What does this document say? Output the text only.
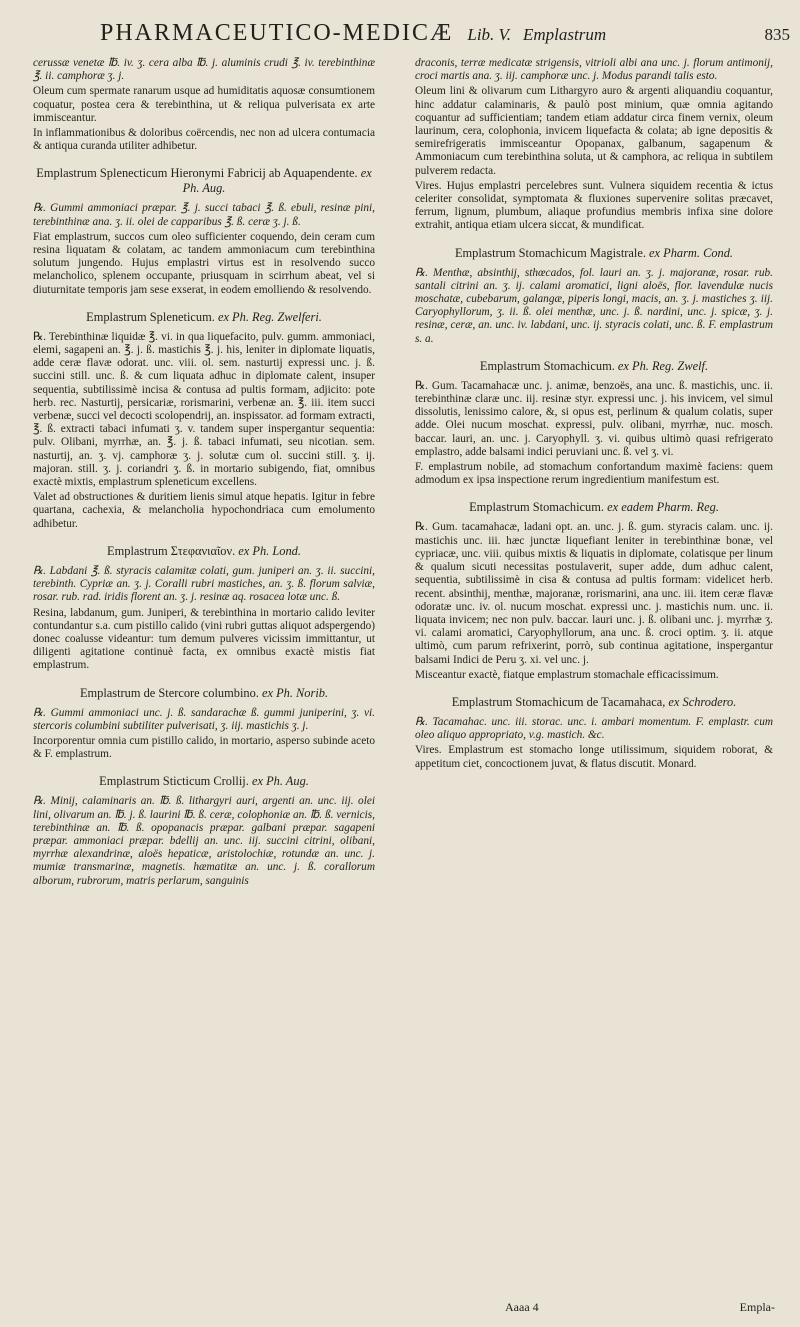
PHARMACEUTICO-MEDICÆ Lib. V. Emplastrum	835

cerussæ venetæ ℔. iv. ʒ. cera alba ℔. j. aluminis crudi ℥. iv. terebinthinæ ℥. ii. camphoræ ʒ. j.

Oleum cum spermate ranarum usque ad humiditatis aquosæ consumtionem coquatur, postea cera & terebinthina, ut & reliqua pulverisata ex arte immisceantur.

In inflammationibus & doloribus coërcendis, nec non ad ulcera contumacia & antiqua curanda utiliter adhibetur.

Emplastrum Splenecticum Hieronymi Fabricij ab Aquapendente. ex Ph. Aug.

℞. Gummi ammoniaci præpar. ℥. j. succi tabaci ℥. ß. ebuli, resinæ pini, terebinthinæ ana. ʒ. ii. olei de capparibus ℥. ß. ceræ ʒ. j. ß.

Fiat emplastrum, succos cum oleo sufficienter coquendo, dein ceram cum resina liquatam & colatam, ac tandem ammoniacum cum terebinthina solutum jungendo. Hujus emplastri virtus est in resolvendo succo melancholico, splenem occupante, priusquam in scirrhum abeat, vel si diuturnitate temporis jam sese exserat, in eodem emolliendo & resolvendo.

Emplastrum Spleneticum. ex Ph. Reg. Zwelferi.

℞. Terebinthinæ liquidæ ℥. vi. in qua liquefacito, pulv. gumm. ammoniaci, elemi, sagapeni an. ℥. j. ß. mastichis ℥. j. his, leniter in diplomate liquatis, adde ceræ flavæ odorat. unc. viii. ol. sem. nasturtij expressi unc. j. ß. succini still. unc. ß. & cum liquata adhuc in diplomate calent, insuper sequentia, subtilissimè incisa & contusa ad pultis formam, adjicito: pote herb. rec. Nasturtij, persicariæ, rorismarini, verbenæ an. ℥. iii. item succi verbenæ, succi vel decocti scolopendrij, an. inspissator. ad formam extracti, ℥. ß. extracti tabaci infumati ʒ. v. tandem super inspergantur sequentia: pulv. Olibani, myrrhæ, an. ℥. j. ß. tabaci infumati, seu nicotian. sem. nasturtij, an. ʒ. vj. camphoræ ʒ. j. solutæ cum ol. succini still. ʒ. ij. majoran. still. ʒ. j. coriandri ʒ. ß. in mortario subigendo, fiat, omnibus exactè mixtis, emplastrum spleneticum excellens.

Valet ad obstructiones & duritiem lienis simul atque hepatis. Igitur in febre quartana, cachexia, & melancholia hypochondriaca cum emolumento adhibetur.

Emplastrum Στεφανιαῖον. ex Ph. Lond.

℞. Labdani ℥. ß. styracis calamitæ colati, gum. juniperi an. ʒ. ii. succini, terebinth. Cypriæ an. ʒ. j. Coralli rubri mastiches, an. ʒ. ß. florum salviæ, rosar. rub. rad. iridis florent an. ʒ. j. resinæ aq. rosacea lotæ unc. ß.

Resina, labdanum, gum. Juniperi, & terebinthina in mortario calido leviter contundantur s.a. cum pistillo calido (vini rubri guttas aliquot adspergendo) donec coalusse videantur: tum demum pulveres vicissim immittantur, ut diligenti agitatione continuè facta, ex omnibus exactè mistis fiat emplastrum.

Emplastrum de Stercore columbino. ex Ph. Norib.

℞. Gummi ammoniaci unc. j. ß. sandarachæ ß. gummi juniperini, ʒ. vi. stercoris columbini subtiliter pulverisati, ʒ. iij. mastichis ʒ. j.

Incorporentur omnia cum pistillo calido, in mortario, asperso subinde aceto & F. emplastrum.

Emplastrum Sticticum Crollij. ex Ph. Aug.

℞. Minij, calaminaris an. ℔. ß. lithargyri auri, argenti an. unc. iij. olei lini, olivarum an. ℔. j. ß. laurini ℔. ß. ceræ, colophoniæ an. ℔. ß. vernicis, terebinthinæ an. ℔. ß. opopanacis præpar. galbani præpar. sagapeni præpar. ammoniaci præpar. bdellij an. unc. iij. succini citrini, olibani, myrrhæ alexandrinæ, aloës hepaticæ, aristolochiæ, rotundæ an. unc. j. mumiæ transmarinæ, magnetis. hæmatitæ an. unc. j. ß. corallorum alborum, rubrorum, matris perlarum, sanguinis

draconis, terræ medicatæ strigensis, vitrioli albi ana unc. j. florum antimonij, croci martis ana. ʒ. iij. camphoræ unc. j. Modus parandi talis esto.

Oleum lini & olivarum cum Lithargyro auro & argenti aliquandiu coquantur, hinc addatur calaminaris, & paulò post minium, quæ omnia agitando coquantur ad sufficientiam; tandem etiam addatur circa finem vernix, oleum laurinum, cera, colophonia, invicem liquefacta & colata; ab igne depositis & semirefrigeratis immisceantur Opopanax, galbanum, sagapenum & Ammoniacum cum terebinthina soluta, ut & camphora, ac reliqua in subtilem pulverem redacta.

Vires. Hujus emplastri percelebres sunt. Vulnera siquidem recentia & ictus celeriter consolidat, symptomata & fluxiones supervenire solitas præcavet, ferrum, lignum, plumbum, aliaque profundius membris infixa sine dolore extrahit, antiqua etiam ulcera siccat, & mundificat.

Emplastrum Stomachicum Magistrale. ex Pharm. Cond.

℞. Menthæ, absinthij, sthœcados, fol. lauri an. ʒ. j. majoranæ, rosar. rub. santali citrini an. ʒ. ij. calami aromatici, ligni aloës, flor. lavendulæ nucis moschatæ, cubebarum, galangæ, piperis longi, macis, an. ʒ. j. mastiches ʒ. iij. Caryophyllorum, ʒ. ii. ß. olei menthæ, unc. j. ß. nardini, unc. j. spicæ, ʒ. j. resinæ, ceræ, an. unc. iv. labdani, unc. ij. styracis colati, unc. ß. F. emplastrum s. a.

Emplastrum Stomachicum. ex Ph. Reg. Zwelf.

℞. Gum. Tacamahacæ unc. j. animæ, benzoës, ana unc. ß. mastichis, unc. ii. terebinthinæ claræ unc. iij. resinæ styr. expressi unc. j. his invicem, vel simul dissolutis, lenissimo calore, &, si opus est, perlinum & qualum colatis, super adde. Olei nucum moschat. expressi, pulv. olibani, myrrhæ, nuc. mosch. baccar. lauri, an. unc. j. Caryophyll. ʒ. vi. quibus ultimò quasi refrigerato emplastro, adde balsami indici peruviani unc. ß. vel ʒ. vi.

F. emplastrum nobile, ad stomachum confortandum maximè faciens: quem admodum ex ipsa inspectione rerum ingredientium manifestum est.

Emplastrum Stomachicum. ex eadem Pharm. Reg.

℞. Gum. tacamahacæ, ladani opt. an. unc. j. ß. gum. styracis calam. unc. ij. mastichis unc. iii. hæc junctæ liquefiant leniter in terebinthinæ bonæ, vel cypriacæ, unc. viii. quibus mixtis & liquatis in diplomate, colatisque per linum & qualum sicuti necessitas postulaverit, super adde, dum adhuc calent, sequentia, subtilissimè in cisa & contusa ad pultis formam: videlicet herb. recent. absinthij, menthæ, majoranæ, rorismarini, ana unc. iii. item ceræ flavæ odoratæ unc. iv. ol. nucum moschat. expressi unc. j. mastichis num. unc. ii. liquata invicem; nec non pulv. baccar. lauri unc. j. ß. olibani unc. j. myrrhæ ʒ. vi. calami aromatici, Caryophyllorum, ana unc. ß. croci optim. ʒ. ii. atque ultimò, cum parum refrixerint, porrò, sub continua agitatione, inspergantur balsami Indici de Peru ʒ. xi. vel unc. j.

Misceantur exactè, fiatque emplastrum stomachale efficacissimum.

Emplastrum Stomachicum de Tacamahaca, ex Schrodero.

℞. Tacamahac. unc. iii. storac. unc. i. ambari momentum. F. emplastr. cum oleo aliquo appropriato, v.g. mastich. &c.

Vires. Emplastrum est stomacho longe utilissimum, siquidem roborat, & appetitum ciet, concoctionem juvat, & flatus discutit. Monard.

Aaaa 4	Empla-
